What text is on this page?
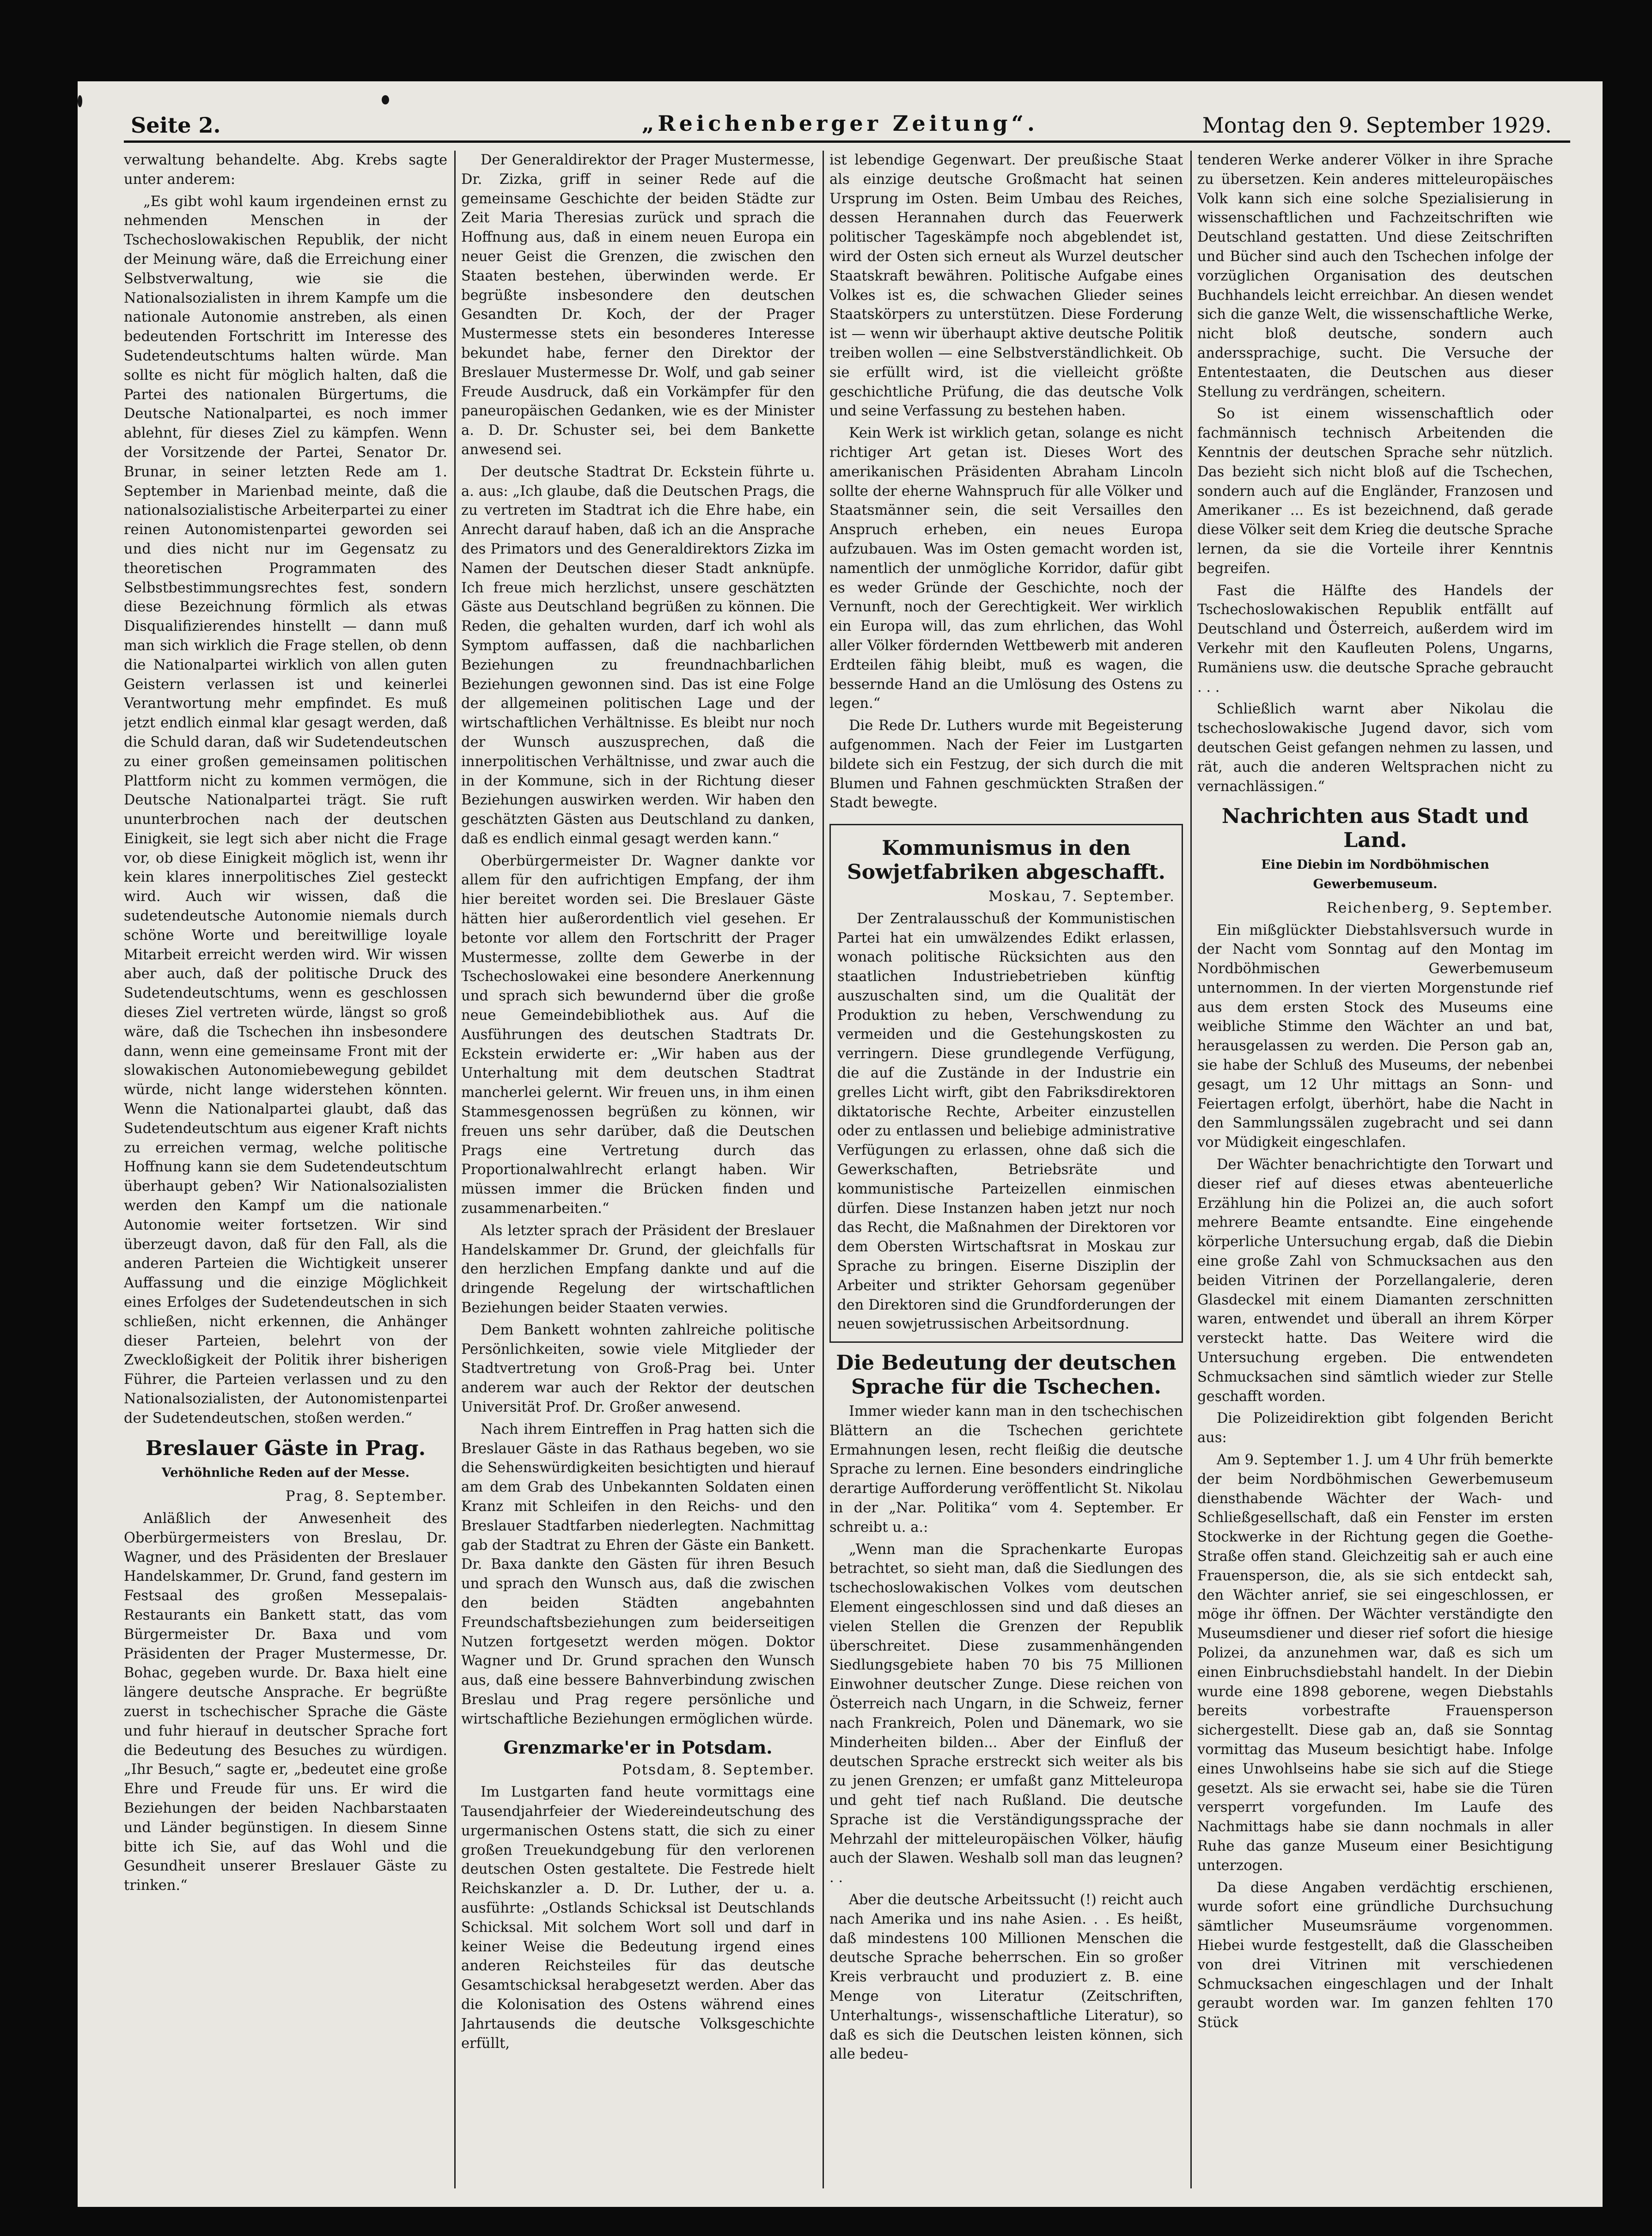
Seite 2.	„Reichenberger Zeitung“.	Montag den 9. September 1929.

verwaltung behandelte. Abg. Krebs sagte unter anderem:

„Es gibt wohl kaum irgendeinen ernst zu nehmenden Menschen in der Tschechoslowakischen Republik, der nicht der Meinung wäre, daß die Erreichung einer Selbstverwaltung, wie sie die Nationalsozialisten in ihrem Kampfe um die nationale Autonomie anstreben, als einen bedeutenden Fortschritt im Interesse des Sudetendeutschtums halten würde. Man sollte es nicht für möglich halten, daß die Partei des nationalen Bürgertums, die Deutsche Nationalpartei, es noch immer ablehnt, für dieses Ziel zu kämpfen. Wenn der Vorsitzende der Partei, Senator Dr. Brunar, in seiner letzten Rede am 1. September in Marienbad meinte, daß die nationalsozialistische Arbeiterpartei zu einer reinen Autonomistenpartei geworden sei und dies nicht nur im Gegensatz zu theoretischen Programmaten des Selbstbestimmungsrechtes fest, sondern diese Bezeichnung förmlich als etwas Disqualifizierendes hinstellt — dann muß man sich wirklich die Frage stellen, ob denn die Nationalpartei wirklich von allen guten Geistern verlassen ist und keinerlei Verantwortung mehr empfindet. Es muß jetzt endlich einmal klar gesagt werden, daß die Schuld daran, daß wir Sudetendeutschen zu einer großen gemeinsamen politischen Plattform nicht zu kommen vermögen, die Deutsche Nationalpartei trägt. Sie ruft ununterbrochen nach der deutschen Einigkeit, sie legt sich aber nicht die Frage vor, ob diese Einigkeit möglich ist, wenn ihr kein klares innerpolitisches Ziel gesteckt wird. Auch wir wissen, daß die sudetendeutsche Autonomie niemals durch schöne Worte und bereitwillige loyale Mitarbeit erreicht werden wird. Wir wissen aber auch, daß der politische Druck des Sudetendeutschtums, wenn es geschlossen dieses Ziel vertreten würde, längst so groß wäre, daß die Tschechen ihn insbesondere dann, wenn eine gemeinsame Front mit der slowakischen Autonomiebewegung gebildet würde, nicht lange widerstehen könnten. Wenn die Nationalpartei glaubt, daß das Sudetendeutschtum aus eigener Kraft nichts zu erreichen vermag, welche politische Hoffnung kann sie dem Sudetendeutschtum überhaupt geben? Wir Nationalsozialisten werden den Kampf um die nationale Autonomie weiter fortsetzen. Wir sind überzeugt davon, daß für den Fall, als die anderen Parteien die Wichtigkeit unserer Auffassung und die einzige Möglichkeit eines Erfolges der Sudetendeutschen in sich schließen, nicht erkennen, die Anhänger dieser Parteien, belehrt von der Zweckloßigkeit der Politik ihrer bisherigen Führer, die Parteien verlassen und zu den Nationalsozialisten, der Autonomistenpartei der Sudetendeutschen, stoßen werden.“

Breslauer Gäste in Prag.
Verhöhnliche Reden auf der Messe.

Prag, 8. September.

Anläßlich der Anwesenheit des Oberbürgermeisters von Breslau, Dr. Wagner, und des Präsidenten der Breslauer Handelskammer, Dr. Grund, fand gestern im Festsaal des großen Messepalais-Restaurants ein Bankett statt, das vom Bürgermeister Dr. Baxa und vom Präsidenten der Prager Mustermesse, Dr. Bohac, gegeben wurde. Dr. Baxa hielt eine längere deutsche Ansprache. Er begrüßte zuerst in tschechischer Sprache die Gäste und fuhr hierauf in deutscher Sprache fort die Bedeutung des Besuches zu würdigen. „Ihr Besuch,“ sagte er, „bedeutet eine große Ehre und Freude für uns. Er wird die Beziehungen der beiden Nachbarstaaten und Länder begünstigen. In diesem Sinne bitte ich Sie, auf das Wohl und die Gesundheit unserer Breslauer Gäste zu trinken.“

Der Generaldirektor der Prager Mustermesse, Dr. Zizka, griff in seiner Rede auf die gemeinsame Geschichte der beiden Städte zur Zeit Maria Theresias zurück und sprach die Hoffnung aus, daß in einem neuen Europa ein neuer Geist die Grenzen, die zwischen den Staaten bestehen, überwinden werde. Er begrüßte insbesondere den deutschen Gesandten Dr. Koch, der der Prager Mustermesse stets ein besonderes Interesse bekundet habe, ferner den Direktor der Breslauer Mustermesse Dr. Wolf, und gab seiner Freude Ausdruck, daß ein Vorkämpfer für den paneuropäischen Gedanken, wie es der Minister a. D. Dr. Schuster sei, bei dem Bankette anwesend sei.

Der deutsche Stadtrat Dr. Eckstein führte u. a. aus: „Ich glaube, daß die Deutschen Prags, die zu vertreten im Stadtrat ich die Ehre habe, ein Anrecht darauf haben, daß ich an die Ansprache des Primators und des Generaldirektors Zizka im Namen der Deutschen dieser Stadt anknüpfe. Ich freue mich herzlichst, unsere geschätzten Gäste aus Deutschland begrüßen zu können. Die Reden, die gehalten wurden, darf ich wohl als Symptom auffassen, daß die nachbarlichen Beziehungen zu freundnachbarlichen Beziehungen gewonnen sind. Das ist eine Folge der allgemeinen politischen Lage und der wirtschaftlichen Verhältnisse. Es bleibt nur noch der Wunsch auszusprechen, daß die innerpolitischen Verhältnisse, und zwar auch die in der Kommune, sich in der Richtung dieser Beziehungen auswirken werden. Wir haben den geschätzten Gästen aus Deutschland zu danken, daß es endlich einmal gesagt werden kann.“

Oberbürgermeister Dr. Wagner dankte vor allem für den aufrichtigen Empfang, der ihm hier bereitet worden sei. Die Breslauer Gäste hätten hier außerordentlich viel gesehen. Er betonte vor allem den Fortschritt der Prager Mustermesse, zollte dem Gewerbe in der Tschechoslowakei eine besondere Anerkennung und sprach sich bewundernd über die große neue Gemeindebibliothek aus. Auf die Ausführungen des deutschen Stadtrats Dr. Eckstein erwiderte er: „Wir haben aus der Unterhaltung mit dem deutschen Stadtrat mancherlei gelernt. Wir freuen uns, in ihm einen Stammesgenossen begrüßen zu können, wir freuen uns sehr darüber, daß die Deutschen Prags eine Vertretung durch das Proportionalwahlrecht erlangt haben. Wir müssen immer die Brücken finden und zusammenarbeiten.“

Als letzter sprach der Präsident der Breslauer Handelskammer Dr. Grund, der gleichfalls für den herzlichen Empfang dankte und auf die dringende Regelung der wirtschaftlichen Beziehungen beider Staaten verwies.

Dem Bankett wohnten zahlreiche politische Persönlichkeiten, sowie viele Mitglieder der Stadtvertretung von Groß-Prag bei. Unter anderem war auch der Rektor der deutschen Universität Prof. Dr. Großer anwesend.

Nach ihrem Eintreffen in Prag hatten sich die Breslauer Gäste in das Rathaus begeben, wo sie die Sehenswürdigkeiten besichtigten und hierauf am dem Grab des Unbekannten Soldaten einen Kranz mit Schleifen in den Reichs- und den Breslauer Stadtfarben niederlegten. Nachmittag gab der Stadtrat zu Ehren der Gäste ein Bankett. Dr. Baxa dankte den Gästen für ihren Besuch und sprach den Wunsch aus, daß die zwischen den beiden Städten angebahnten Freundschaftsbeziehungen zum beiderseitigen Nutzen fortgesetzt werden mögen. Doktor Wagner und Dr. Grund sprachen den Wunsch aus, daß eine bessere Bahnverbindung zwischen Breslau und Prag regere persönliche und wirtschaftliche Beziehungen ermöglichen würde.

Grenzmarke'er in Potsdam.

Potsdam, 8. September.

Im Lustgarten fand heute vormittags eine Tausendjahrfeier der Wiedereindeutschung des urgermanischen Ostens statt, die sich zu einer großen Treuekundgebung für den verlorenen deutschen Osten gestaltete. Die Festrede hielt Reichskanzler a. D. Dr. Luther, der u. a. ausführte: „Ostlands Schicksal ist Deutschlands Schicksal. Mit solchem Wort soll und darf in keiner Weise die Bedeutung irgend eines anderen Reichsteiles für das deutsche Gesamtschicksal herabgesetzt werden. Aber das die Kolonisation des Ostens während eines Jahrtausends die deutsche Volksgeschichte erfüllt,

ist lebendige Gegenwart. Der preußische Staat als einzige deutsche Großmacht hat seinen Ursprung im Osten. Beim Umbau des Reiches, dessen Herannahen durch das Feuerwerk politischer Tageskämpfe noch abgeblendet ist, wird der Osten sich erneut als Wurzel deutscher Staatskraft bewähren. Politische Aufgabe eines Volkes ist es, die schwachen Glieder seines Staatskörpers zu unterstützen. Diese Forderung ist — wenn wir überhaupt aktive deutsche Politik treiben wollen — eine Selbstverständlichkeit. Ob sie erfüllt wird, ist die vielleicht größte geschichtliche Prüfung, die das deutsche Volk und seine Verfassung zu bestehen haben.

Kein Werk ist wirklich getan, solange es nicht richtiger Art getan ist. Dieses Wort des amerikanischen Präsidenten Abraham Lincoln sollte der eherne Wahnspruch für alle Völker und Staatsmänner sein, die seit Versailles den Anspruch erheben, ein neues Europa aufzubauen. Was im Osten gemacht worden ist, namentlich der unmögliche Korridor, dafür gibt es weder Gründe der Geschichte, noch der Vernunft, noch der Gerechtigkeit. Wer wirklich ein Europa will, das zum ehrlichen, das Wohl aller Völker fördernden Wettbewerb mit anderen Erdteilen fähig bleibt, muß es wagen, die bessernde Hand an die Umlösung des Ostens zu legen.“

Die Rede Dr. Luthers wurde mit Begeisterung aufgenommen. Nach der Feier im Lustgarten bildete sich ein Festzug, der sich durch die mit Blumen und Fahnen geschmückten Straßen der Stadt bewegte.

Kommunismus in den Sowjetfabriken abgeschafft.

Moskau, 7. September.

Der Zentralausschuß der Kommunistischen Partei hat ein umwälzendes Edikt erlassen, wonach politische Rücksichten aus den staatlichen Industriebetrieben künftig auszuschalten sind, um die Qualität der Produktion zu heben, Verschwendung zu vermeiden und die Gestehungskosten zu verringern. Diese grundlegende Verfügung, die auf die Zustände in der Industrie ein grelles Licht wirft, gibt den Fabriksdirektoren diktatorische Rechte, Arbeiter einzustellen oder zu entlassen und beliebige administrative Verfügungen zu erlassen, ohne daß sich die Gewerkschaften, Betriebsräte und kommunistische Parteizellen einmischen dürfen. Diese Instanzen haben jetzt nur noch das Recht, die Maßnahmen der Direktoren vor dem Obersten Wirtschaftsrat in Moskau zur Sprache zu bringen. Eiserne Disziplin der Arbeiter und strikter Gehorsam gegenüber den Direktoren sind die Grundforderungen der neuen sowjetrussischen Arbeitsordnung.

Die Bedeutung der deutschen Sprache für die Tschechen.

Immer wieder kann man in den tschechischen Blättern an die Tschechen gerichtete Ermahnungen lesen, recht fleißig die deutsche Sprache zu lernen. Eine besonders eindringliche derartige Aufforderung veröffentlicht St. Nikolau in der „Nar. Politika“ vom 4. September. Er schreibt u. a.:

„Wenn man die Sprachenkarte Europas betrachtet, so sieht man, daß die Siedlungen des tschechoslowakischen Volkes vom deutschen Element eingeschlossen sind und daß dieses an vielen Stellen die Grenzen der Republik überschreitet. Diese zusammenhängenden Siedlungsgebiete haben 70 bis 75 Millionen Einwohner deutscher Zunge. Diese reichen von Österreich nach Ungarn, in die Schweiz, ferner nach Frankreich, Polen und Dänemark, wo sie Minderheiten bilden... Aber der Einfluß der deutschen Sprache erstreckt sich weiter als bis zu jenen Grenzen; er umfaßt ganz Mitteleuropa und geht tief nach Rußland. Die deutsche Sprache ist die Verständigungssprache der Mehrzahl der mitteleuropäischen Völker, häufig auch der Slawen. Weshalb soll man das leugnen? . .

Aber die deutsche Arbeitssucht (!) reicht auch nach Amerika und ins nahe Asien. . . Es heißt, daß mindestens 100 Millionen Menschen die deutsche Sprache beherrschen. Ein so großer Kreis verbraucht und produziert z. B. eine Menge von Literatur (Zeitschriften, Unterhaltungs-, wissenschaftliche Literatur), so daß es sich die Deutschen leisten können, sich alle bedeu-

tenderen Werke anderer Völker in ihre Sprache zu übersetzen. Kein anderes mitteleuropäisches Volk kann sich eine solche Spezialisierung in wissenschaftlichen und Fachzeitschriften wie Deutschland gestatten. Und diese Zeitschriften und Bücher sind auch den Tschechen infolge der vorzüglichen Organisation des deutschen Buchhandels leicht erreichbar. An diesen wendet sich die ganze Welt, die wissenschaftliche Werke, nicht bloß deutsche, sondern auch anderssprachige, sucht. Die Versuche der Ententestaaten, die Deutschen aus dieser Stellung zu verdrängen, scheitern.

So ist einem wissenschaftlich oder fachmännisch technisch Arbeitenden die Kenntnis der deutschen Sprache sehr nützlich. Das bezieht sich nicht bloß auf die Tschechen, sondern auch auf die Engländer, Franzosen und Amerikaner ... Es ist bezeichnend, daß gerade diese Völker seit dem Krieg die deutsche Sprache lernen, da sie die Vorteile ihrer Kenntnis begreifen.

Fast die Hälfte des Handels der Tschechoslowakischen Republik entfällt auf Deutschland und Österreich, außerdem wird im Verkehr mit den Kaufleuten Polens, Ungarns, Rumäniens usw. die deutsche Sprache gebraucht . . .

Schließlich warnt aber Nikolau die tschechoslowakische Jugend davor, sich vom deutschen Geist gefangen nehmen zu lassen, und rät, auch die anderen Weltsprachen nicht zu vernachlässigen.“

Nachrichten aus Stadt und Land.
Eine Diebin im Nordböhmischen Gewerbemuseum.

Reichenberg, 9. September.

Ein mißglückter Diebstahlsversuch wurde in der Nacht vom Sonntag auf den Montag im Nordböhmischen Gewerbemuseum unternommen. In der vierten Morgenstunde rief aus dem ersten Stock des Museums eine weibliche Stimme den Wächter an und bat, herausgelassen zu werden. Die Person gab an, sie habe der Schluß des Museums, der nebenbei gesagt, um 12 Uhr mittags an Sonn- und Feiertagen erfolgt, überhört, habe die Nacht in den Sammlungssälen zugebracht und sei dann vor Müdigkeit eingeschlafen.

Der Wächter benachrichtigte den Torwart und dieser rief auf dieses etwas abenteuerliche Erzählung hin die Polizei an, die auch sofort mehrere Beamte entsandte. Eine eingehende körperliche Untersuchung ergab, daß die Diebin eine große Zahl von Schmucksachen aus den beiden Vitrinen der Porzellangalerie, deren Glasdeckel mit einem Diamanten zerschnitten waren, entwendet und überall an ihrem Körper versteckt hatte. Das Weitere wird die Untersuchung ergeben. Die entwendeten Schmucksachen sind sämtlich wieder zur Stelle geschafft worden.

Die Polizeidirektion gibt folgenden Bericht aus:

Am 9. September 1. J. um 4 Uhr früh bemerkte der beim Nordböhmischen Gewerbemuseum diensthabende Wächter der Wach- und Schließgesellschaft, daß ein Fenster im ersten Stockwerke in der Richtung gegen die Goethe-Straße offen stand. Gleichzeitig sah er auch eine Frauensperson, die, als sie sich entdeckt sah, den Wächter anrief, sie sei eingeschlossen, er möge ihr öffnen. Der Wächter verständigte den Museumsdiener und dieser rief sofort die hiesige Polizei, da anzunehmen war, daß es sich um einen Einbruchsdiebstahl handelt. In der Diebin wurde eine 1898 geborene, wegen Diebstahls bereits vorbestrafte Frauensperson sichergestellt. Diese gab an, daß sie Sonntag vormittag das Museum besichtigt habe. Infolge eines Unwohlseins habe sie sich auf die Stiege gesetzt. Als sie erwacht sei, habe sie die Türen versperrt vorgefunden. Im Laufe des Nachmittags habe sie dann nochmals in aller Ruhe das ganze Museum einer Besichtigung unterzogen.

Da diese Angaben verdächtig erschienen, wurde sofort eine gründliche Durchsuchung sämtlicher Museumsräume vorgenommen. Hiebei wurde festgestellt, daß die Glasscheiben von drei Vitrinen mit verschiedenen Schmucksachen eingeschlagen und der Inhalt geraubt worden war. Im ganzen fehlten 170 Stück
